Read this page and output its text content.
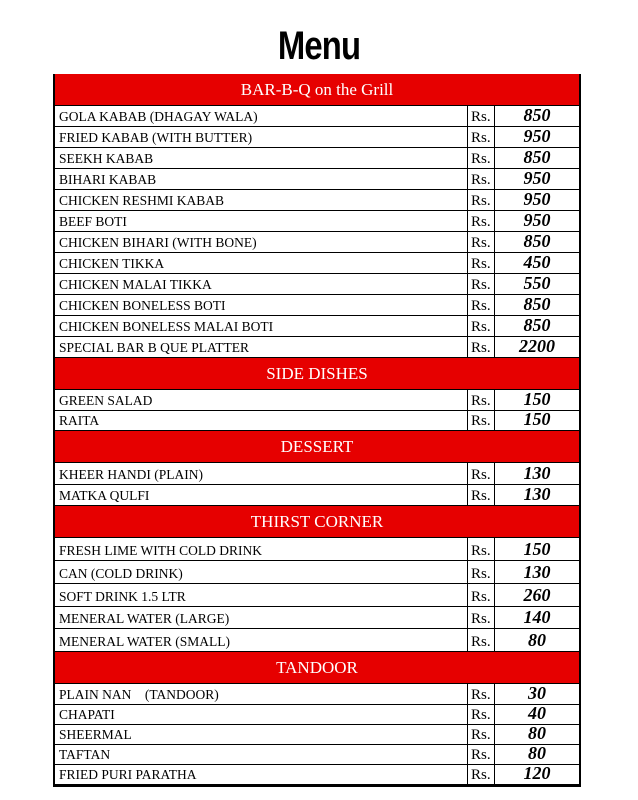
Menu
BAR-B-Q on the Grill
GOLA KABAB (DHAGAY WALA)	Rs.	850
FRIED KABAB (WITH BUTTER)	Rs.	950
SEEKH KABAB	Rs.	850
BIHARI KABAB	Rs.	950
CHICKEN RESHMI KABAB	Rs.	950
BEEF BOTI	Rs.	950
CHICKEN BIHARI (WITH BONE)	Rs.	850
CHICKEN TIKKA	Rs.	450
CHICKEN MALAI TIKKA	Rs.	550
CHICKEN BONELESS BOTI	Rs.	850
CHICKEN BONELESS MALAI BOTI	Rs.	850
SPECIAL BAR B QUE PLATTER	Rs.	2200
SIDE DISHES
GREEN SALAD	Rs.	150
RAITA	Rs.	150
DESSERT
KHEER HANDI (PLAIN)	Rs.	130
MATKA QULFI	Rs.	130
THIRST CORNER
FRESH LIME WITH COLD DRINK	Rs.	150
CAN (COLD DRINK)	Rs.	130
SOFT DRINK 1.5 LTR	Rs.	260
MENERAL WATER (LARGE)	Rs.	140
MENERAL WATER (SMALL)	Rs.	80
TANDOOR
PLAIN NAN    (TANDOOR)	Rs.	30
CHAPATI	Rs.	40
SHEERMAL	Rs.	80
TAFTAN	Rs.	80
FRIED PURI PARATHA	Rs.	120
